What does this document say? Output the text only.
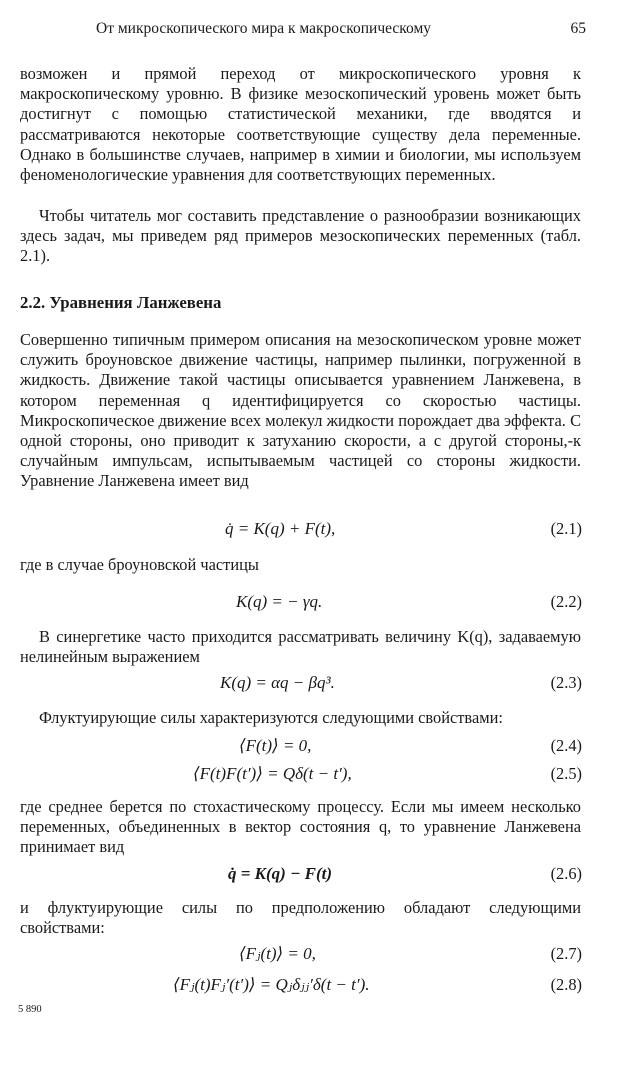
От микроскопического мира к макроскопическому	65

возможен и прямой переход от микроскопического уровня к макроскопическому уровню. В физике мезоскопический уровень может быть достигнут с помощью статистической механики, где вводятся и рассматриваются некоторые соответствующие существу дела переменные. Однако в большинстве случаев, например в химии и биологии, мы используем феноменологические уравнения для соответствующих переменных.

Чтобы читатель мог составить представление о разнообразии возникающих здесь задач, мы приведем ряд примеров мезоскопических переменных (табл. 2.1).

2.2. Уравнения Ланжевена

Совершенно типичным примером описания на мезоскопическом уровне может служить броуновское движение частицы, например пылинки, погруженной в жидкость. Движение такой частицы описывается уравнением Ланжевена, в котором переменная q идентифицируется со скоростью частицы. Микроскопическое движение всех молекул жидкости порождает два эффекта. С одной стороны, оно приводит к затуханию скорости, а с другой стороны,-к случайным импульсам, испытываемым частицей со стороны жидкости. Уравнение Ланжевена имеет вид

q̇ = K(q) + F(t),	(2.1)

где в случае броуновской частицы

K(q) = − γq.	(2.2)

В синергетике часто приходится рассматривать величину K(q), задаваемую нелинейным выражением

K(q) = αq − βq³.	(2.3)

Флуктуирующие силы характеризуются следующими свойствами:

⟨F(t)⟩ = 0,	(2.4)
⟨F(t)F(t′)⟩ = Qδ(t − t′),	(2.5)

где среднее берется по стохастическому процессу. Если мы имеем несколько переменных, объединенных в вектор состояния q, то уравнение Ланжевена принимает вид

q̇ = K(q) − F(t)	(2.6)

и флуктуирующие силы по предположению обладают следующими свойствами:

⟨Fⱼ(t)⟩ = 0,	(2.7)
⟨Fⱼ(t)Fⱼ′(t′)⟩ = Qⱼδⱼⱼ′δ(t − t′).	(2.8)
5 890
